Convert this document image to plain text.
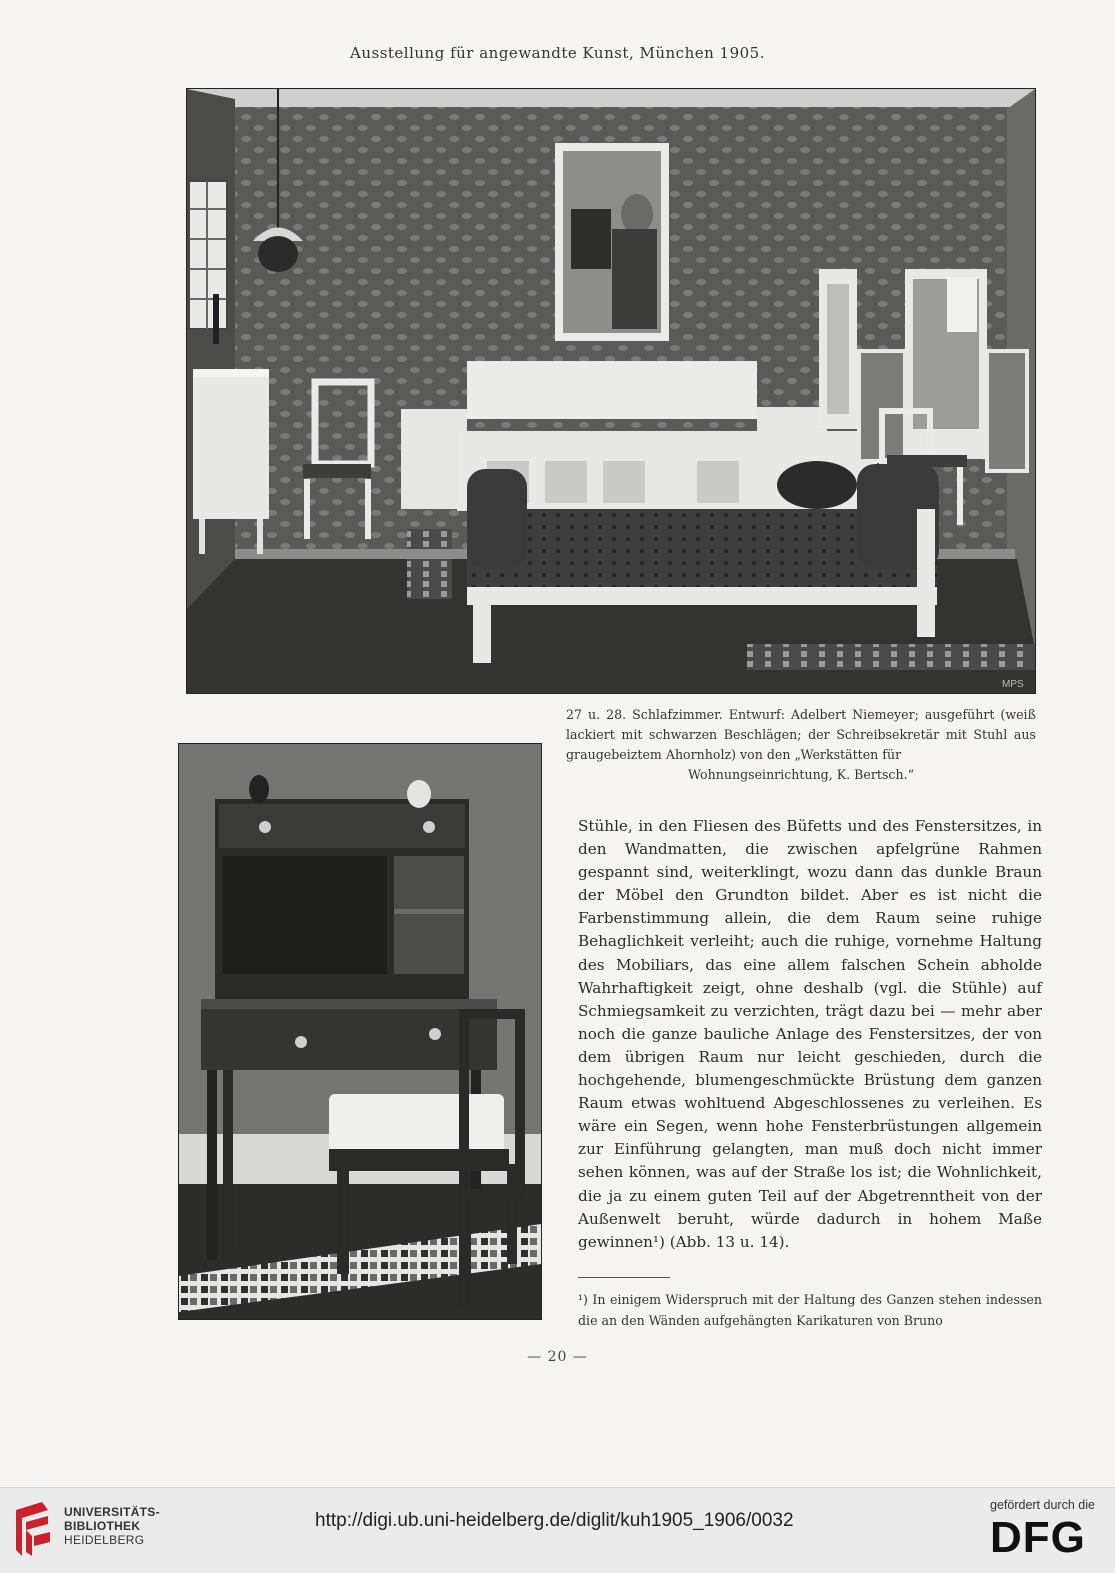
Ausstellung für angewandte Kunst, München 1905.
MPS
27 u. 28. Schlafzimmer. Entwurf: Adelbert Niemeyer; ausgeführt (weiß lackiert mit schwarzen Beschlägen; der Schreibsekretär mit Stuhl aus graugebeiztem Ahornholz) von den „Werkstätten für
Wohnungseinrichtung, K. Bertsch.“
Stühle, in den Fliesen des Büfetts und des Fenstersitzes, in den Wandmatten, die zwischen apfelgrüne Rahmen gespannt sind, weiterklingt, wozu dann das dunkle Braun der Möbel den Grundton bildet. Aber es ist nicht die Farbenstimmung allein, die dem Raum seine ruhige Behaglichkeit verleiht; auch die ruhige, vornehme Haltung des Mobiliars, das eine allem falschen Schein abholde Wahrhaftigkeit zeigt, ohne deshalb (vgl. die Stühle) auf Schmiegsamkeit zu verzichten, trägt dazu bei — mehr aber noch die ganze bauliche Anlage des Fenstersitzes, der von dem übrigen Raum nur leicht geschieden, durch die hochgehende, blumengeschmückte Brüstung dem ganzen Raum etwas wohltuend Abgeschlossenes zu verleihen. Es wäre ein Segen, wenn hohe Fensterbrüstungen allgemein zur Einführung gelangten, man muß doch nicht immer sehen können, was auf der Straße los ist; die Wohnlichkeit, die ja zu einem guten Teil auf der Abgetrenntheit von der Außenwelt beruht, würde dadurch in hohem Maße gewinnen¹) (Abb. 13 u. 14).
¹) In einigem Widerspruch mit der Haltung des Ganzen stehen indessen die an den Wänden aufgehängten Karikaturen von Bruno
— 20 —
UNIVERSITÄTS-
BIBLIOTHEK
HEIDELBERG
http://digi.ub.uni-heidelberg.de/diglit/kuh1905_1906/0032
gefördert durch die
DFG
